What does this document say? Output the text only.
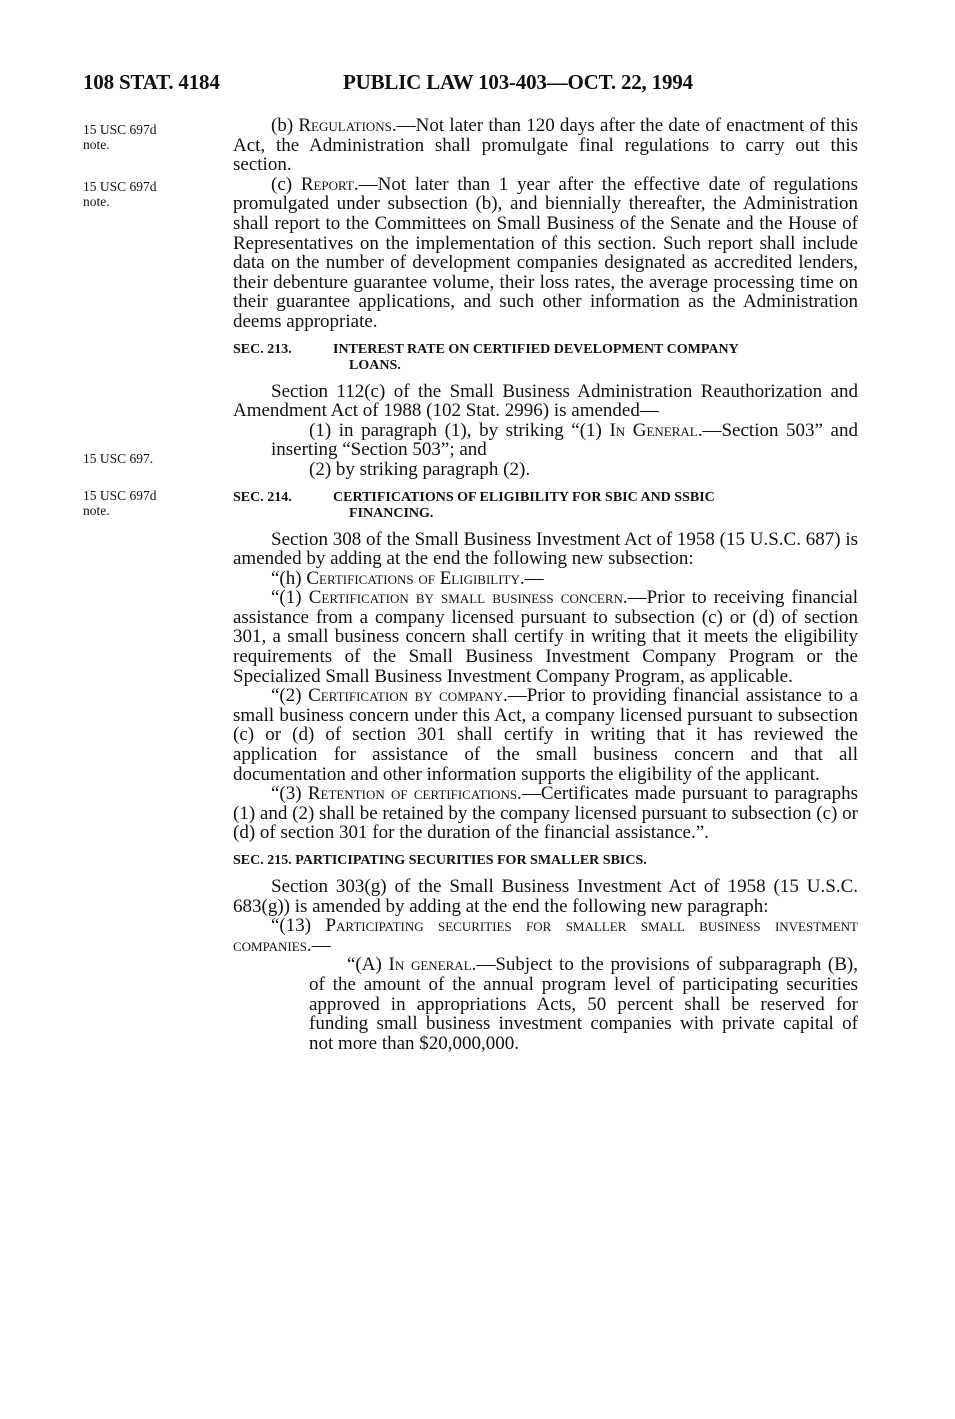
108 STAT. 4184	PUBLIC LAW 103-403—OCT. 22, 1994
15 USC 697d
note.
15 USC 697d
note.
15 USC 697.
15 USC 697d
note.

(b) Regulations.—Not later than 120 days after the date of enactment of this Act, the Administration shall promulgate final regulations to carry out this section.

(c) Report.—Not later than 1 year after the effective date of regulations promulgated under subsection (b), and biennially thereafter, the Administration shall report to the Committees on Small Business of the Senate and the House of Representatives on the implementation of this section. Such report shall include data on the number of development companies designated as accredited lenders, their debenture guarantee volume, their loss rates, the average processing time on their guarantee applications, and such other information as the Administration deems appropriate.

SEC. 213.	INTEREST RATE ON CERTIFIED DEVELOPMENT COMPANY
LOANS.

Section 112(c) of the Small Business Administration Reauthorization and Amendment Act of 1988 (102 Stat. 2996) is amended—

(1) in paragraph (1), by striking “(1) In General.—Section 503” and inserting “Section 503”; and

(2) by striking paragraph (2).

SEC. 214.	CERTIFICATIONS OF ELIGIBILITY FOR SBIC AND SSBIC
FINANCING.

Section 308 of the Small Business Investment Act of 1958 (15 U.S.C. 687) is amended by adding at the end the following new subsection:

“(h) Certifications of Eligibility.—

“(1) Certification by small business concern.—Prior to receiving financial assistance from a company licensed pursuant to subsection (c) or (d) of section 301, a small business concern shall certify in writing that it meets the eligibility requirements of the Small Business Investment Company Program or the Specialized Small Business Investment Company Program, as applicable.

“(2) Certification by company.—Prior to providing financial assistance to a small business concern under this Act, a company licensed pursuant to subsection (c) or (d) of section 301 shall certify in writing that it has reviewed the application for assistance of the small business concern and that all documentation and other information supports the eligibility of the applicant.

“(3) Retention of certifications.—Certificates made pursuant to paragraphs (1) and (2) shall be retained by the company licensed pursuant to subsection (c) or (d) of section 301 for the duration of the financial assistance.”.

SEC. 215. PARTICIPATING SECURITIES FOR SMALLER SBICS.

Section 303(g) of the Small Business Investment Act of 1958 (15 U.S.C. 683(g)) is amended by adding at the end the following new paragraph:

“(13) Participating securities for smaller small business investment companies.—

“(A) In general.—Subject to the provisions of subparagraph (B), of the amount of the annual program level of participating securities approved in appropriations Acts, 50 percent shall be reserved for funding small business investment companies with private capital of not more than $20,000,000.
